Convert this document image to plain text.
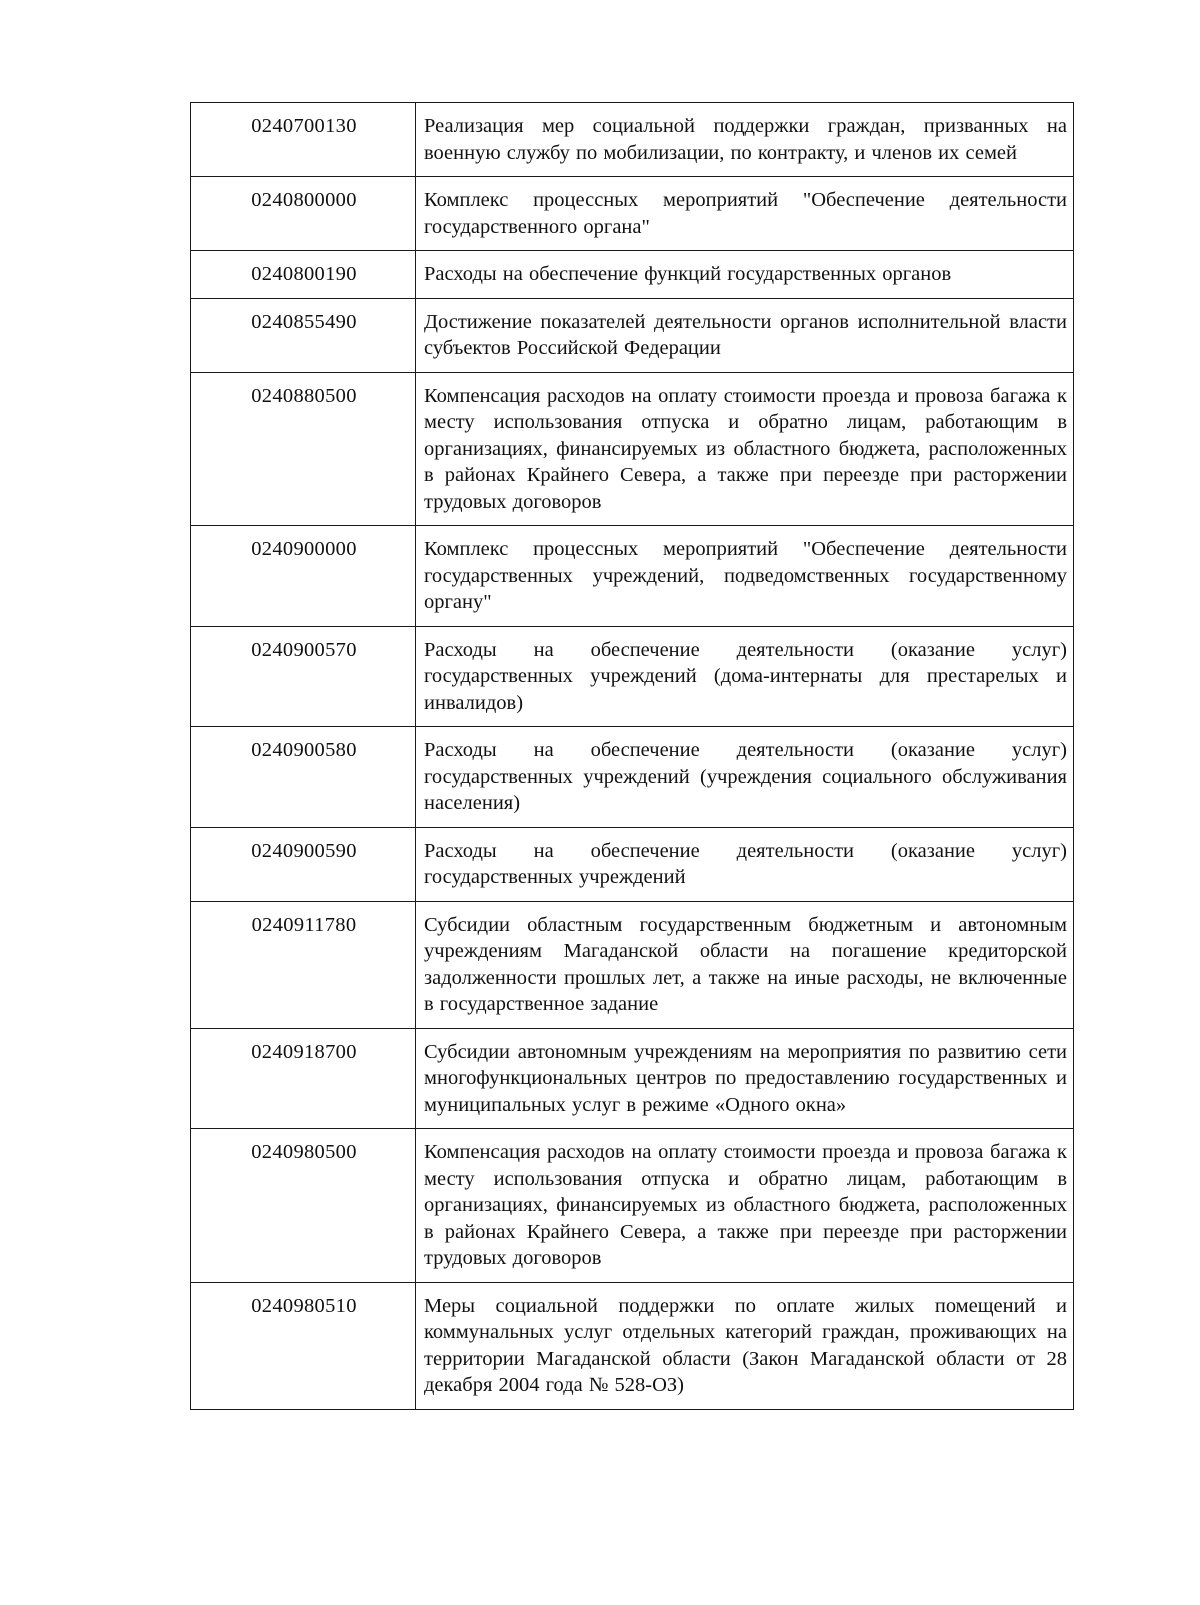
0240700130	Реализация мер социальной поддержки граждан, призванных на военную службу по мобилизации, по контракту, и членов их семей
0240800000	Комплекс процессных мероприятий "Обеспечение деятельности государственного органа"
0240800190	Расходы на обеспечение функций государственных органов
0240855490	Достижение показателей деятельности органов исполнительной власти субъектов Российской Федерации
0240880500	Компенсация расходов на оплату стоимости проезда и провоза багажа к месту использования отпуска и обратно лицам, работающим в организациях, финансируемых из областного бюджета, расположенных в районах Крайнего Севера, а также при переезде при расторжении трудовых договоров
0240900000	Комплекс процессных мероприятий "Обеспечение деятельности государственных учреждений, подведомственных государственному органу"
0240900570	Расходы на обеспечение деятельности (оказание услуг) государственных учреждений (дома-интернаты для престарелых и инвалидов)
0240900580	Расходы на обеспечение деятельности (оказание услуг) государственных учреждений (учреждения социального обслуживания населения)
0240900590	Расходы на обеспечение деятельности (оказание услуг) государственных учреждений
0240911780	Субсидии областным государственным бюджетным и автономным учреждениям Магаданской области на погашение кредиторской задолженности прошлых лет, а также на иные расходы, не включенные в государственное задание
0240918700	Субсидии автономным учреждениям на мероприятия по развитию сети многофункциональных центров по предоставлению государственных и муниципальных услуг в режиме «Одного окна»
0240980500	Компенсация расходов на оплату стоимости проезда и провоза багажа к месту использования отпуска и обратно лицам, работающим в организациях, финансируемых из областного бюджета, расположенных в районах Крайнего Севера, а также при переезде при расторжении трудовых договоров
0240980510	Меры социальной поддержки по оплате жилых помещений и коммунальных услуг отдельных категорий граждан, проживающих на территории Магаданской области (Закон Магаданской области от 28 декабря 2004 года № 528-ОЗ)
